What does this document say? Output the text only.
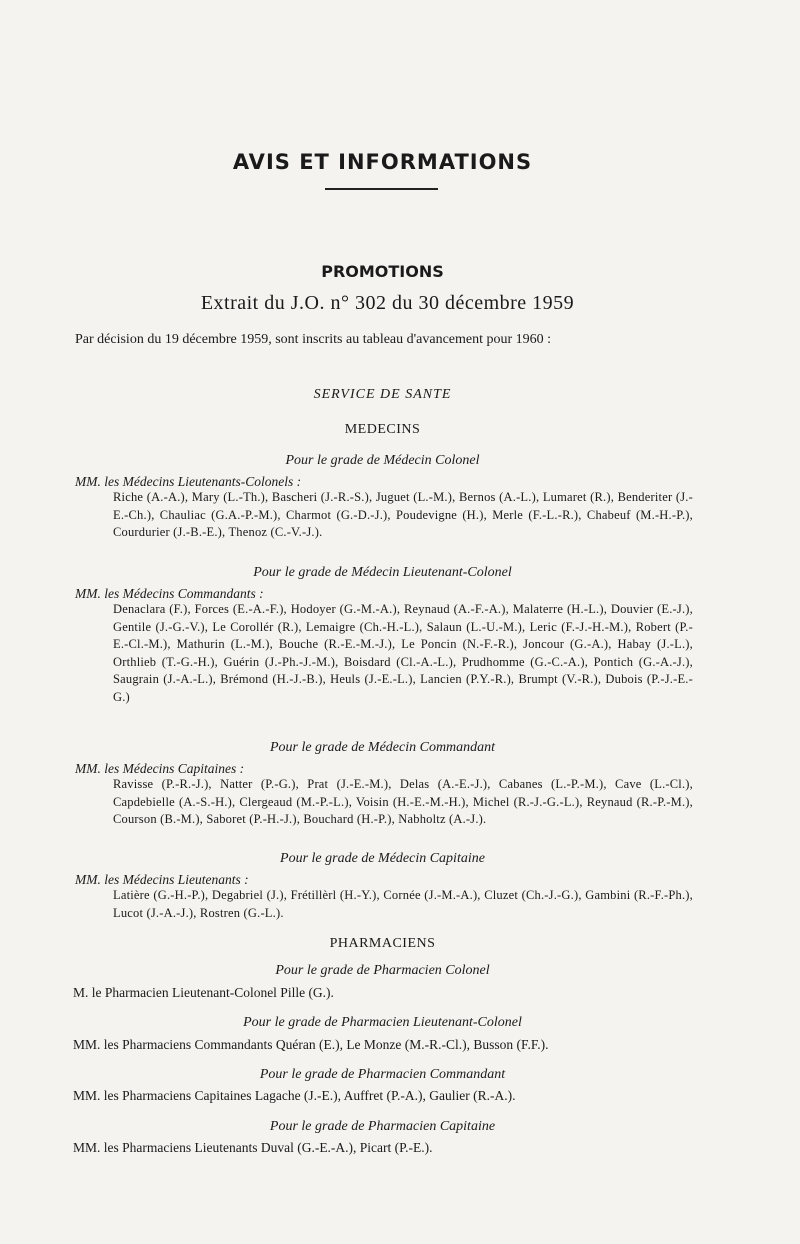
AVIS ET INFORMATIONS
PROMOTIONS
Extrait du J.O. n° 302 du 30 décembre 1959
Par décision du 19 décembre 1959, sont inscrits au tableau d'avancement pour 1960 :
SERVICE DE SANTE
MEDECINS
Pour le grade de Médecin Colonel
MM. les Médecins Lieutenants-Colonels :
Riche (A.-A.), Mary (L.-Th.), Bascheri (J.-R.-S.), Juguet (L.-M.), Bernos (A.-L.), Lumaret (R.), Benderiter (J.-E.-Ch.), Chauliac (G.A.-P.-M.), Charmot (G.-D.-J.), Poudevigne (H.), Merle (F.-L.-R.), Chabeuf (M.-H.-P.), Courdurier (J.-B.-E.), Thenoz (C.-V.-J.).
Pour le grade de Médecin Lieutenant-Colonel
MM. les Médecins Commandants :
Denaclara (F.), Forces (E.-A.-F.), Hodoyer (G.-M.-A.), Reynaud (A.-F.-A.), Malaterre (H.-L.), Douvier (E.-J.), Gentile (J.-G.-V.), Le Corollér (R.), Lemaigre (Ch.-H.-L.), Salaun (L.-U.-M.), Leric (F.-J.-H.-M.), Robert (P.-E.-Cl.-M.), Mathurin (L.-M.), Bouche (R.-E.-M.-J.), Le Poncin (N.-F.-R.), Joncour (G.-A.), Habay (J.-L.), Orthlieb (T.-G.-H.), Guérin (J.-Ph.-J.-M.), Boisdard (Cl.-A.-L.), Prudhomme (G.-C.-A.), Pontich (G.-A.-J.), Saugrain (J.-A.-L.), Brémond (H.-J.-B.), Heuls (J.-E.-L.), Lancien (P.Y.-R.), Brumpt (V.-R.), Dubois (P.-J.-E.-G.)
Pour le grade de Médecin Commandant
MM. les Médecins Capitaines :
Ravisse (P.-R.-J.), Natter (P.-G.), Prat (J.-E.-M.), Delas (A.-E.-J.), Cabanes (L.-P.-M.), Cave (L.-Cl.), Capdebielle (A.-S.-H.), Clergeaud (M.-P.-L.), Voisin (H.-E.-M.-H.), Michel (R.-J.-G.-L.), Reynaud (R.-P.-M.), Courson (B.-M.), Saboret (P.-H.-J.), Bouchard (H.-P.), Nabholtz (A.-J.).
Pour le grade de Médecin Capitaine
MM. les Médecins Lieutenants :
Latière (G.-H.-P.), Degabriel (J.), Frétillèrl (H.-Y.), Cornée (J.-M.-A.), Cluzet (Ch.-J.-G.), Gambini (R.-F.-Ph.), Lucot (J.-A.-J.), Rostren (G.-L.).
PHARMACIENS
Pour le grade de Pharmacien Colonel
M. le Pharmacien Lieutenant-Colonel Pille (G.).
Pour le grade de Pharmacien Lieutenant-Colonel
MM. les Pharmaciens Commandants Quéran (E.), Le Monze (M.-R.-Cl.), Busson (F.F.).
Pour le grade de Pharmacien Commandant
MM. les Pharmaciens Capitaines Lagache (J.-E.), Auffret (P.-A.), Gaulier (R.-A.).
Pour le grade de Pharmacien Capitaine
MM. les Pharmaciens Lieutenants Duval (G.-E.-A.), Picart (P.-E.).
